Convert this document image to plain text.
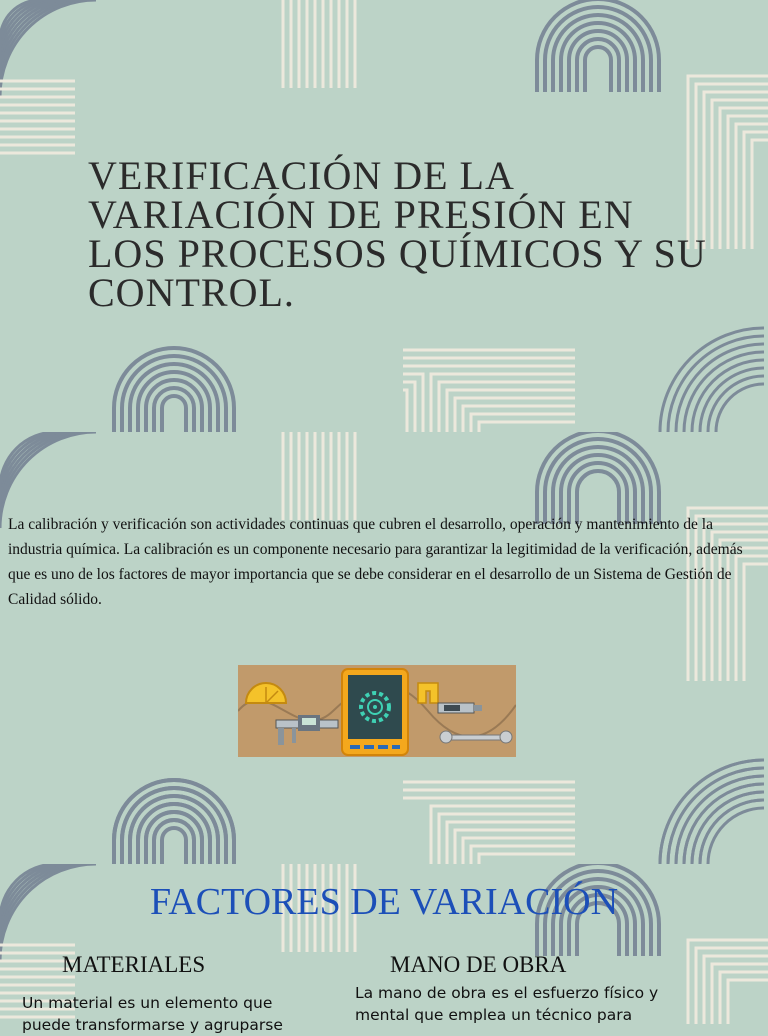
VERIFICACIÓN DE LA VARIACIÓN DE PRESIÓN EN LOS PROCESOS QUÍMICOS Y SU CONTROL.

La calibración y verificación son actividades continuas que cubren el desarrollo, operación y mantenimiento de la industria química. La calibración es un componente necesario para garantizar la legitimidad de la verificación, además que es uno de los factores de mayor importancia que se debe considerar en el desarrollo de un Sistema de Gestión de Calidad sólido.

FACTORES DE VARIACIÓN
MATERIALES
Un material es un elemento que puede transformarse y agruparse
MANO DE OBRA
La mano de obra es el esfuerzo físico y mental que emplea un técnico para
